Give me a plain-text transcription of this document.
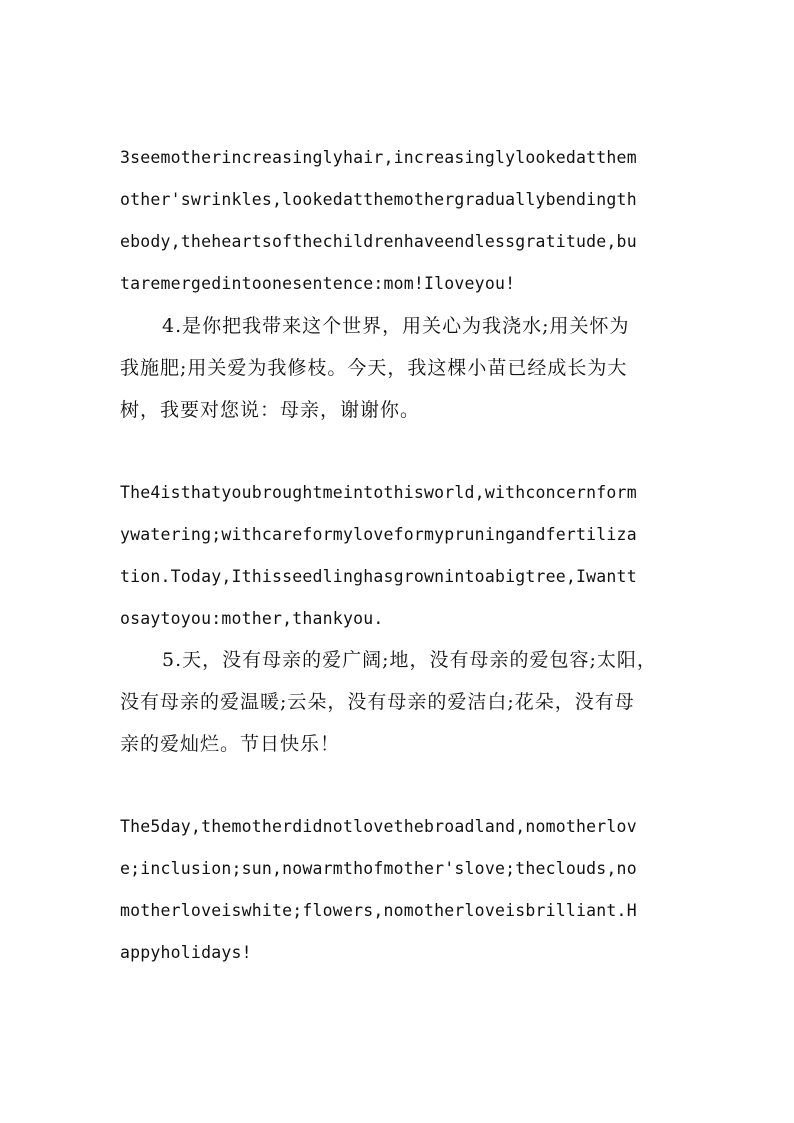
3seemotherincreasinglyhair,increasinglylookedatthem
other'swrinkles,lookedatthemothergraduallybendingth
ebody,theheartsofthechildrenhaveendlessgratitude,bu
taremergedintoonesentence:mom!Iloveyou!
4.是你把我带来这个世界，用关心为我浇水;用关怀为
我施肥;用关爱为我修枝。今天，我这棵小苗已经成长为大
树，我要对您说：母亲，谢谢你。
The4isthatyoubroughtmeintothisworld,withconcernform
ywatering;withcareformyloveformypruningandfertiliza
tion.Today,Ithisseedlinghasgrownintoabigtree,Iwantt
osaytoyou:mother,thankyou.
5.天，没有母亲的爱广阔;地，没有母亲的爱包容;太阳，
没有母亲的爱温暖;云朵，没有母亲的爱洁白;花朵，没有母
亲的爱灿烂。节日快乐！
The5day,themotherdidnotlovethebroadland,nomotherlov
e;inclusion;sun,nowarmthofmother'slove;theclouds,no
motherloveiswhite;flowers,nomotherloveisbrilliant.H
appyholidays!
